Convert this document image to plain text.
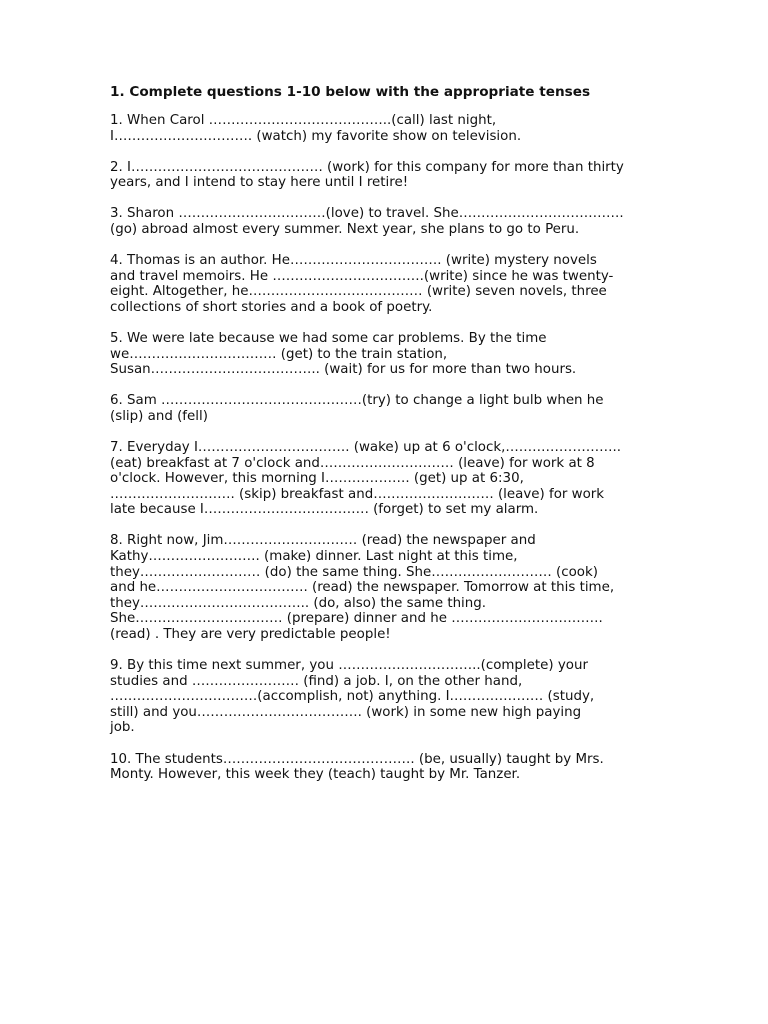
1. Complete questions 1-10 below with the appropriate tenses
1. When Carol …………………………………..(call) last night,
I…………………………. (watch) my favorite show on television.
2. I……………………………………. (work) for this company for more than thirty
years, and I intend to stay here until I retire!
3. Sharon ……………………………(love) to travel. She……………………………….
(go) abroad almost every summer. Next year, she plans to go to Peru.
4. Thomas is an author. He……………………………. (write) mystery novels
and travel memoirs. He …………………………….(write) since he was twenty-
eight. Altogether, he………………………………… (write) seven novels, three
collections of short stories and a book of poetry.
5. We were late because we had some car problems. By the time
we…………………………… (get) to the train station,
Susan……………………………….. (wait) for us for more than two hours.
6. Sam ………………………………………(try) to change a light bulb when he
(slip) and (fell)
7. Everyday I……………………………. (wake) up at 6 o'clock,……………………..
(eat) breakfast at 7 o'clock and………………………… (leave) for work at 8
o'clock. However, this morning I………………. (get) up at 6:30,
………………………. (skip) breakfast and……………………… (leave) for work
late because I………………………………. (forget) to set my alarm.
8. Right now, Jim………………………… (read) the newspaper and
Kathy……………………. (make) dinner. Last night at this time,
they……………………… (do) the same thing. She……………………… (cook)
and he……………………………. (read) the newspaper. Tomorrow at this time,
they……………………………….. (do, also) the same thing.
She…………………………… (prepare) dinner and he …………………………….
(read) . They are very predictable people!
9. By this time next summer, you …………………………..(complete) your
studies and …………………… (find) a job. I, on the other hand,
……………………………(accomplish, not) anything. I………………… (study,
still) and you………………………………. (work) in some new high paying
job.
10. The students……………………………………. (be, usually) taught by Mrs.
Monty. However, this week they (teach) taught by Mr. Tanzer.
